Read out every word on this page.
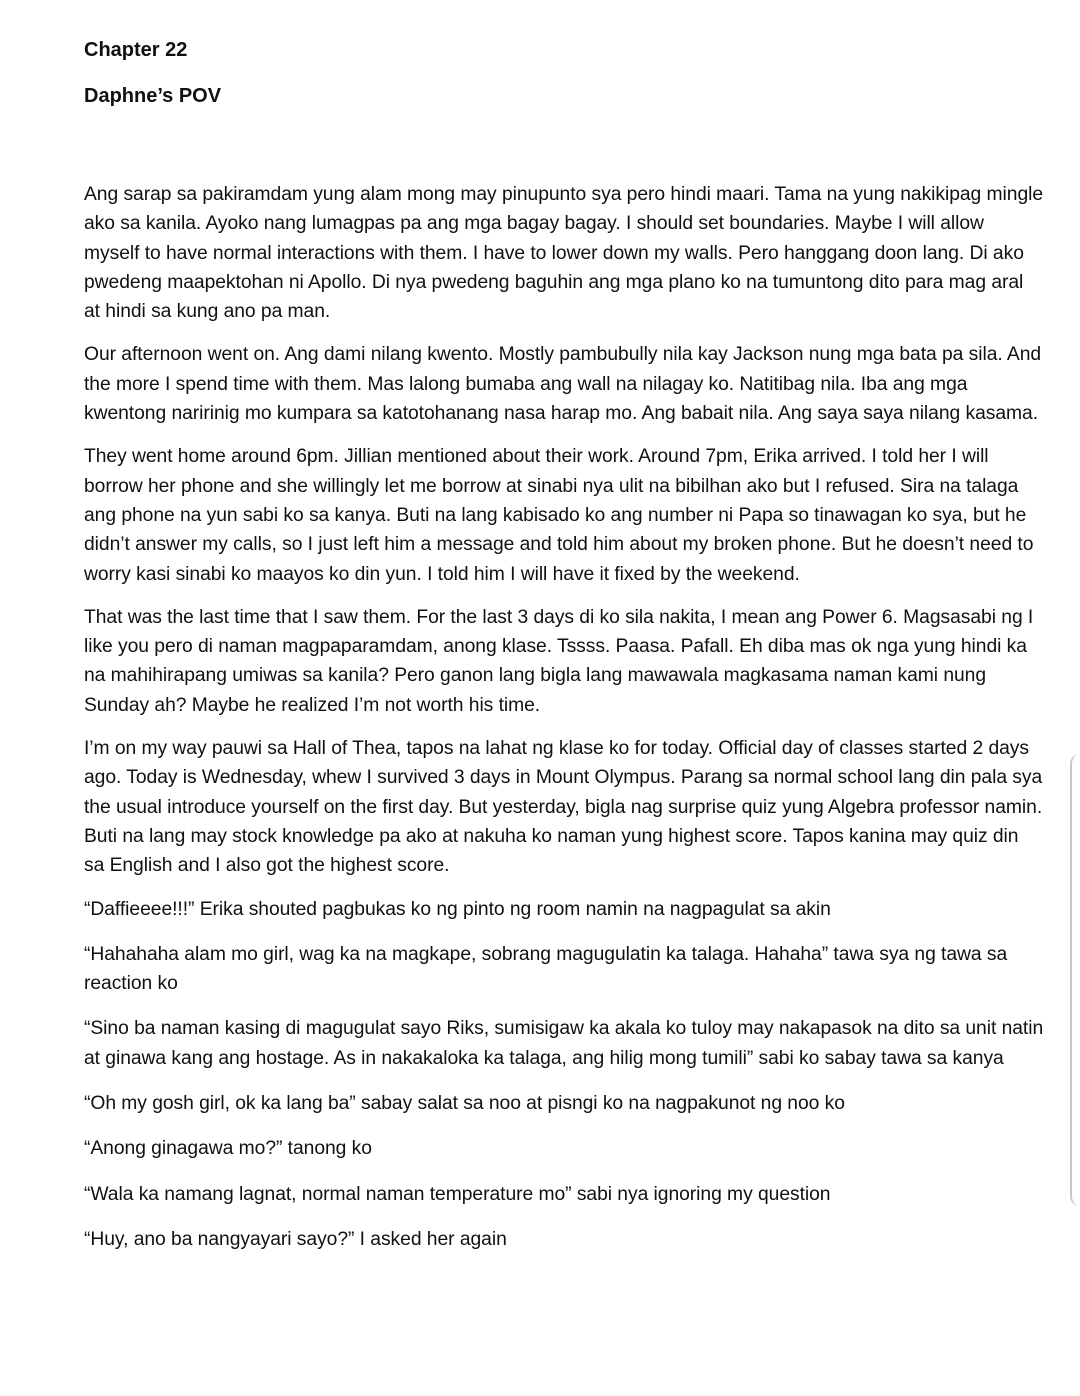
Chapter 22
Daphne’s POV

Ang sarap sa pakiramdam yung alam mong may pinupunto sya pero hindi maari. Tama na yung nakikipag mingle ako sa kanila. Ayoko nang lumagpas pa ang mga bagay bagay. I should set boundaries. Maybe I will allow myself to have normal interactions with them. I have to lower down my walls. Pero hanggang doon lang. Di ako pwedeng maapektohan ni Apollo. Di nya pwedeng baguhin ang mga plano ko na tumuntong dito para mag aral at hindi sa kung ano pa man.

Our afternoon went on. Ang dami nilang kwento. Mostly pambubully nila kay Jackson nung mga bata pa sila. And the more I spend time with them. Mas lalong bumaba ang wall na nilagay ko. Natitibag nila. Iba ang mga kwentong naririnig mo kumpara sa katotohanang nasa harap mo. Ang babait nila. Ang saya saya nilang kasama.

They went home around 6pm. Jillian mentioned about their work. Around 7pm, Erika arrived. I told her I will borrow her phone and she willingly let me borrow at sinabi nya ulit na bibilhan ako but I refused. Sira na talaga ang phone na yun sabi ko sa kanya. Buti na lang kabisado ko ang number ni Papa so tinawagan ko sya, but he didn’t answer my calls, so I just left him a message and told him about my broken phone. But he doesn’t need to worry kasi sinabi ko maayos ko din yun. I told him I will have it fixed by the weekend.

That was the last time that I saw them. For the last 3 days di ko sila nakita, I mean ang Power 6. Magsasabi ng I like you pero di naman magpaparamdam, anong klase. Tssss. Paasa. Pafall. Eh diba mas ok nga yung hindi ka na mahihirapang umiwas sa kanila? Pero ganon lang bigla lang mawawala magkasama naman kami nung Sunday ah? Maybe he realized I’m not worth his time.

I’m on my way pauwi sa Hall of Thea, tapos na lahat ng klase ko for today. Official day of classes started 2 days ago. Today is Wednesday, whew I survived 3 days in Mount Olympus. Parang sa normal school lang din pala sya the usual introduce yourself on the first day. But yesterday, bigla nag surprise quiz yung Algebra professor namin. Buti na lang may stock knowledge pa ako at nakuha ko naman yung highest score. Tapos kanina may quiz din sa English and I also got the highest score.

“Daffieeee!!!” Erika shouted pagbukas ko ng pinto ng room namin na nagpagulat sa akin

“Hahahaha alam mo girl, wag ka na magkape, sobrang magugulatin ka talaga. Hahaha” tawa sya ng tawa sa reaction ko

“Sino ba naman kasing di magugulat sayo Riks, sumisigaw ka akala ko tuloy may nakapasok na dito sa unit natin at ginawa kang ang hostage. As in nakakaloka ka talaga, ang hilig mong tumili” sabi ko sabay tawa sa kanya

“Oh my gosh girl, ok ka lang ba” sabay salat sa noo at pisngi ko na nagpakunot ng noo ko

“Anong ginagawa mo?” tanong ko

“Wala ka namang lagnat, normal naman temperature mo” sabi nya ignoring my question

“Huy, ano ba nangyayari sayo?” I asked her again
